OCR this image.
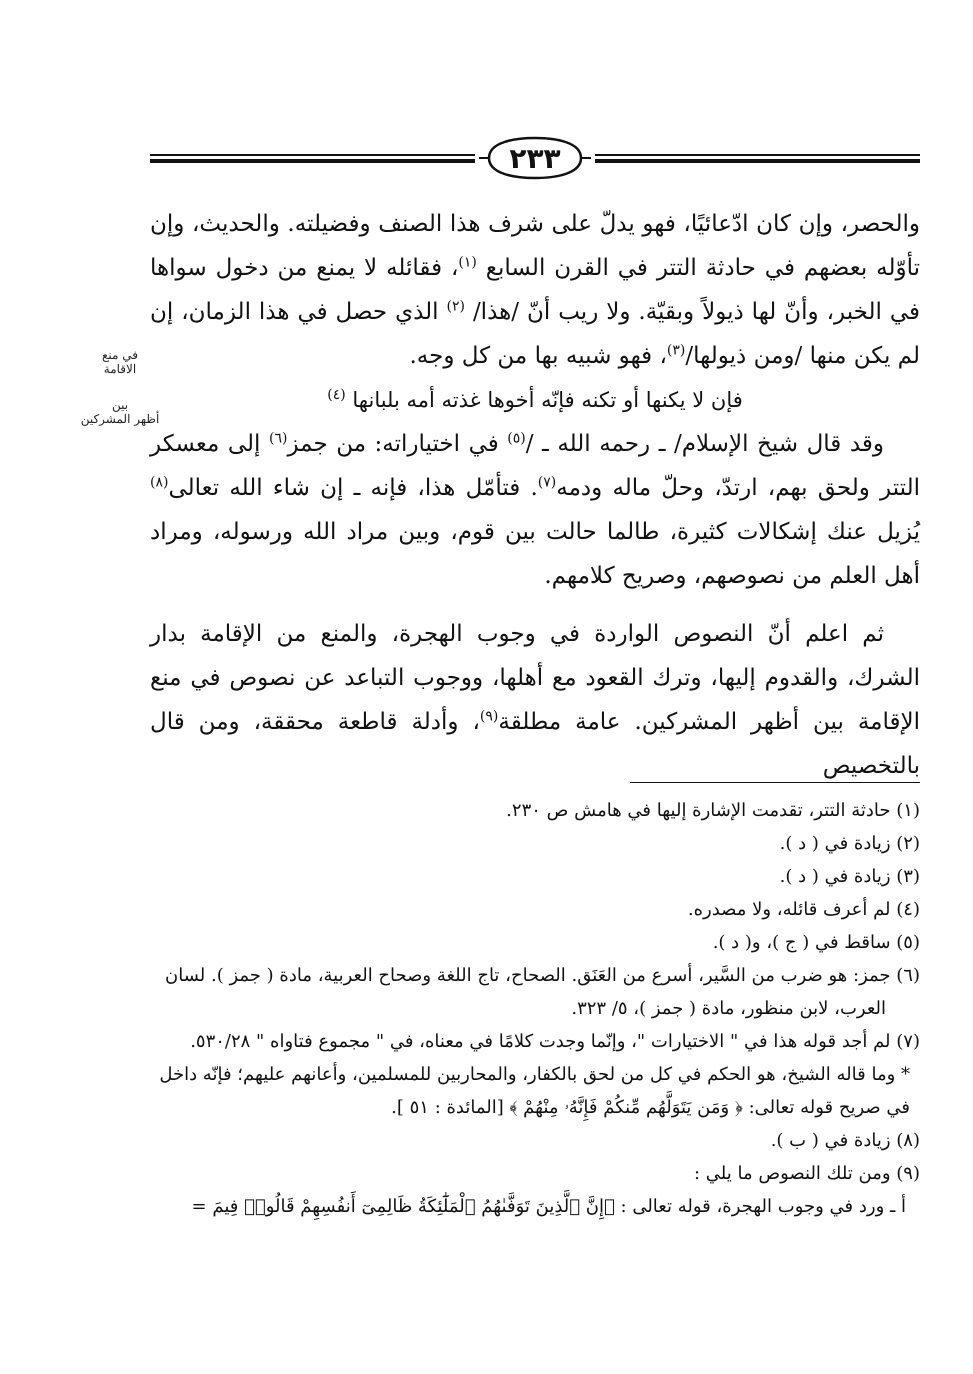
٢٣٣

والحصر، وإن كان ادّعائيًا، فهو يدلّ على شرف هذا الصنف وفضيلته. والحديث، وإن تأوّله بعضهم في حادثة التتر في القرن السابع $^{(١)}$، فقائله لا يمنع من دخول سواها في الخبر، وأنّ لها ذيولاً وبقيّة. ولا ريب أنّ /هذا/ $^{(٢)}$ الذي حصل في هذا الزمان، إن لم يكن منها /ومن ذيولها/$^{(٣)}$، فهو شبيه بها من كل وجه.

فإن لا يكنها أو تكنه فإنّه أخوها غذته أمه بلبانها $^{(٤)}$

وقد قال شيخ الإسلام/ ـ رحمه الله ـ /$^{(٥)}$ في اختياراته: من جمز$^{(٦)}$ إلى معسكر التتر ولحق بهم، ارتدّ، وحلّ ماله ودمه$^{(٧)}$. فتأمّل هذا، فإنه ـ إن شاء الله تعالى$^{(٨)}$ يُزيل عنك إشكالات كثيرة، طالما حالت بين قوم، وبين مراد الله ورسوله، ومراد أهل العلم من نصوصهم، وصريح كلامهم.

ثم اعلم أنّ النصوص الواردة في وجوب الهجرة، والمنع من الإقامة بدار الشرك، والقدوم إليها، وترك القعود مع أهلها، ووجوب التباعد عن نصوص في منع الإقامة بين أظهر المشركين. عامة مطلقة$^{(٩)}$، وأدلة قاطعة محققة، ومن قال بالتخصيص

في منع
الاقامة
بين
أظهر المشركين

(١) حادثة التتر، تقدمت الإشارة إليها في هامش ص ٢٣٠.

(٢) زيادة في ( د ).

(٣) زيادة في ( د ).

(٤) لم أعرف قائله، ولا مصدره.

(٥) ساقط في ( ج )، و( د ).

(٦) جمز: هو ضرب من السَّير، أسرع من العَنَق. الصحاح، تاج اللغة وصحاح العربية، مادة ( جمز ). لسان العرب، لابن منظور، مادة ( جمز )، ٥/ ٣٢٣.

(٧) لم أجد قوله هذا في " الاختيارات "، وإنّما وجدت كلامًا في معناه، في " مجموع فتاواه " ٥٣٠/٢٨.

* وما قاله الشيخ، هو الحكم في كل من لحق بالكفار، والمحاربين للمسلمين، وأعانهم عليهم؛ فإنّه داخل في صريح قوله تعالى: ﴿ وَمَن يَتَوَلَّهُم مِّنكُمْ فَإِنَّهُۥ مِنْهُمْ ﴾ [المائدة : ٥١ ].

(٨) زيادة في ( ب ).

(٩) ومن تلك النصوص ما يلي :

أ ـ ورد في وجوب الهجرة، قوله تعالى : ﴿إِنَّ ٱلَّذِينَ تَوَفَّىٰهُمُ ٱلْمَلَٰٓئِكَةُ ظَالِمِىٓ أَنفُسِهِمْ قَالُوا۟ فِيمَ =
